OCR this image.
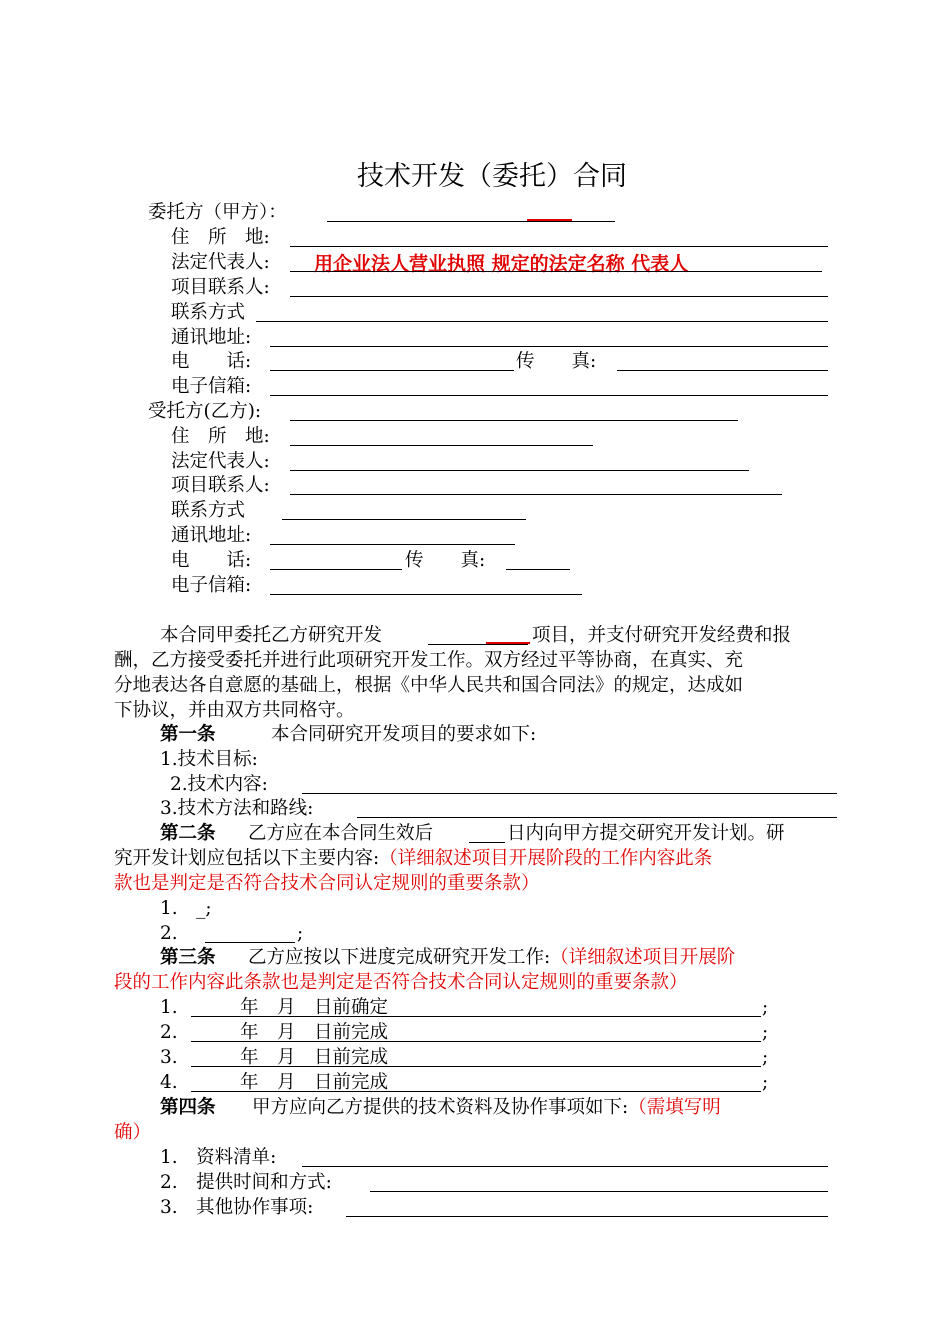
技术开发（委托）合同
委托方（甲方）：
住　所　地:
法定代表人: 用企业法人营业执照 规定的法定名称 代表人
项目联系人:
联系方式
通讯地址:
电　　话:	传　　真:
电子信箱:
受托方(乙方):
住　所　地:
法定代表人:
项目联系人:
联系方式
通讯地址:
电　　话:	传　　真:
电子信箱:
本合同甲委托乙方研究开发	项目，并支付研究开发经费和报
酬，乙方接受委托并进行此项研究开发工作。双方经过平等协商，在真实、充
分地表达各自意愿的基础上，根据《中华人民共和国合同法》的规定，达成如
下协议，并由双方共同格守。
第一条	本合同研究开发项目的要求如下:
1.技术目标:
2.技术内容:
3.技术方法和路线:
第二条 乙方应在本合同生效后	日内向甲方提交研究开发计划。研
究开发计划应包括以下主要内容:（详细叙述项目开展阶段的工作内容此条
款也是判定是否符合技术合同认定规则的重要条款）
1.　_;
2.	;
第三条 乙方应按以下进度完成研究开发工作:（详细叙述项目开展阶
段的工作内容此条款也是判定是否符合技术合同认定规则的重要条款）
1.	年　月　日前确定	;
2.	年　月　日前完成	;
3.	年　月　日前完成	;
4.	年　月　日前完成	;
第四条 甲方应向乙方提供的技术资料及协作事项如下:（需填写明
确）
1.　资料清单:
2.　提供时间和方式:
3.　其他协作事项:
